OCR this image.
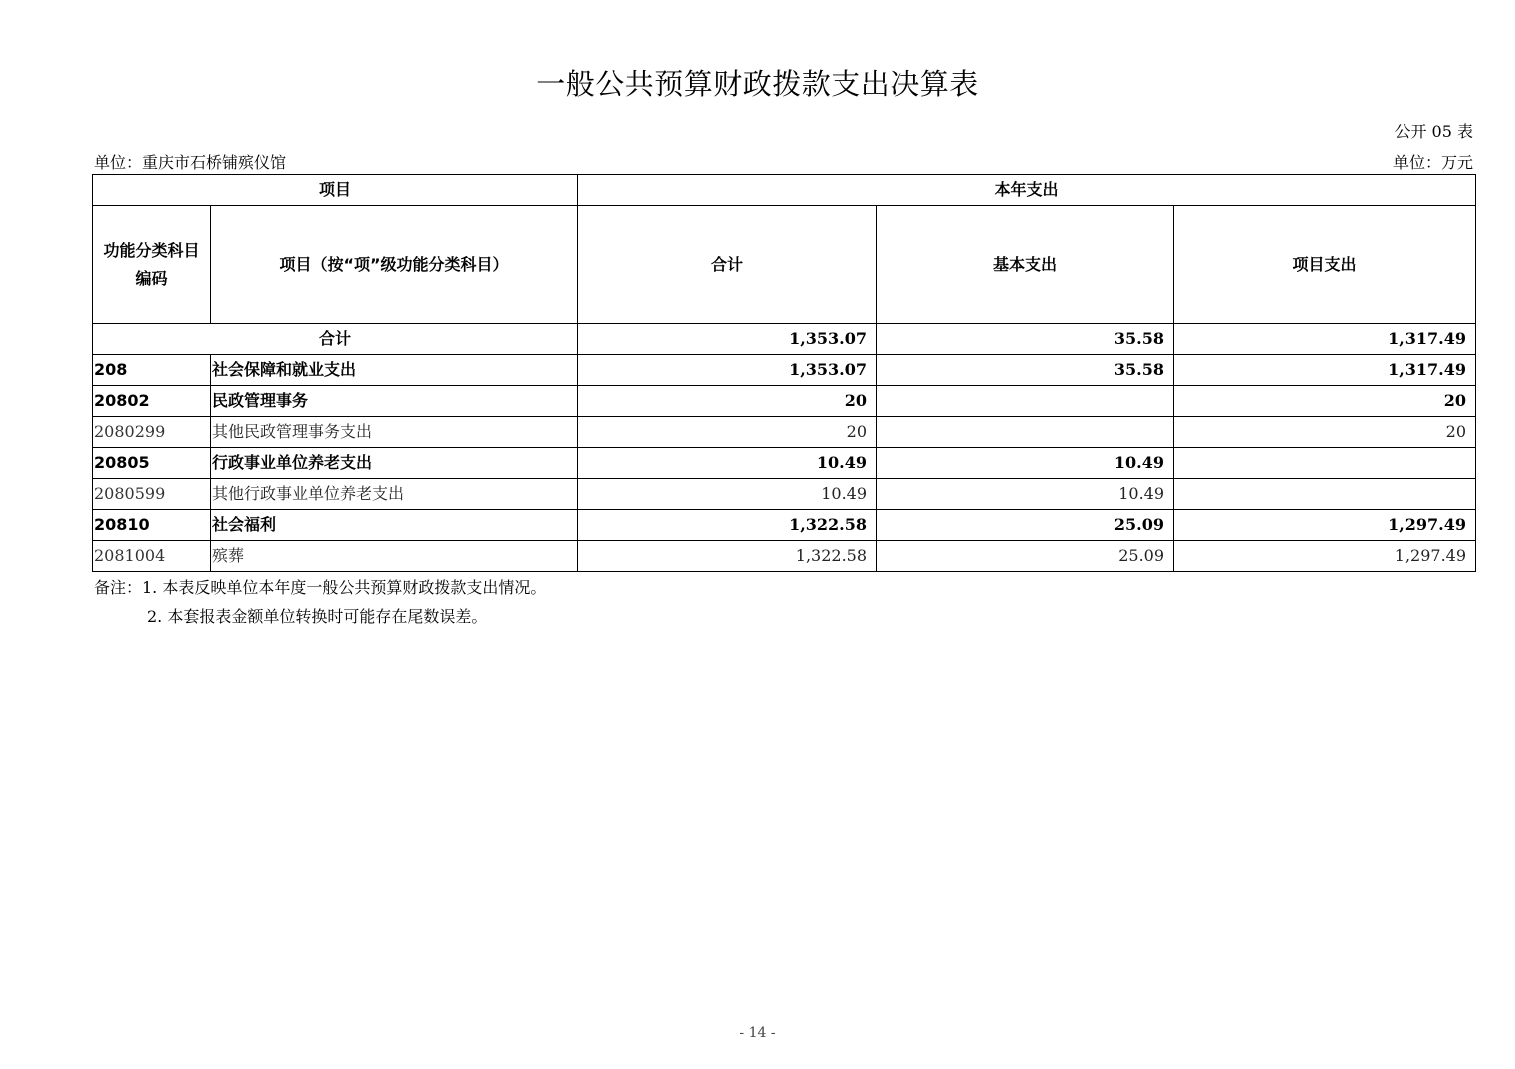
一般公共预算财政拨款支出决算表
公开 05 表
单位：重庆市石桥铺殡仪馆	单位：万元
项目		本年支出		
功能分类科目编码	项目（按“项”级功能分类科目）	合计	基本支出	项目支出
合计		1,353.07	35.58	1,317.49
208	社会保障和就业支出	1,353.07	35.58	1,317.49
20802	民政管理事务	20		20
2080299	其他民政管理事务支出	20		20
20805	行政事业单位养老支出	10.49	10.49	
2080599	其他行政事业单位养老支出	10.49	10.49	
20810	社会福利	1,322.58	25.09	1,297.49
2081004	殡葬	1,322.58	25.09	1,297.49
备注：1. 本表反映单位本年度一般公共预算财政拨款支出情况。
2. 本套报表金额单位转换时可能存在尾数误差。
- 14 -
